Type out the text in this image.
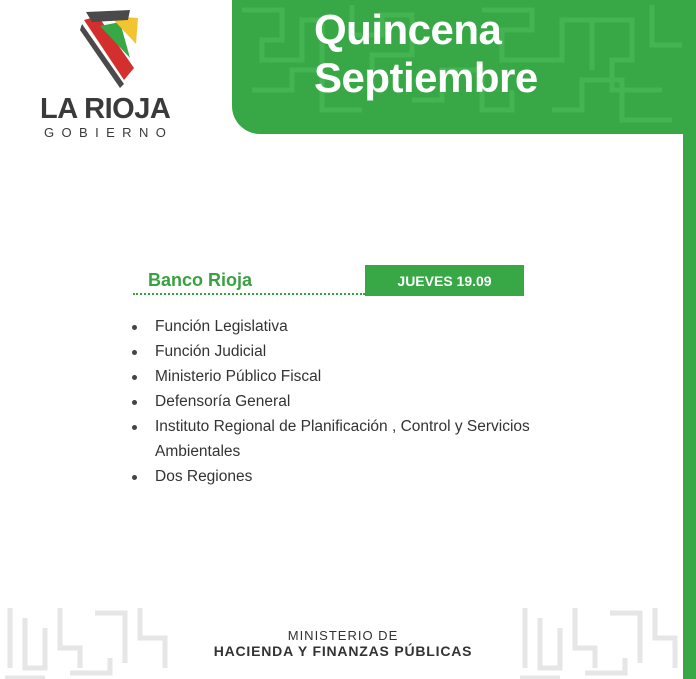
LA RIOJA
GOBIERNO
Quincena
Septiembre
Banco Rioja	JUEVES 19.09
Función Legislativa
Función Judicial
Ministerio Público Fiscal
Defensoría General
Instituto Regional de Planificación , Control y Servicios Ambientales
Dos Regiones
MINISTERIO DE
HACIENDA Y FINANZAS PÚBLICAS
